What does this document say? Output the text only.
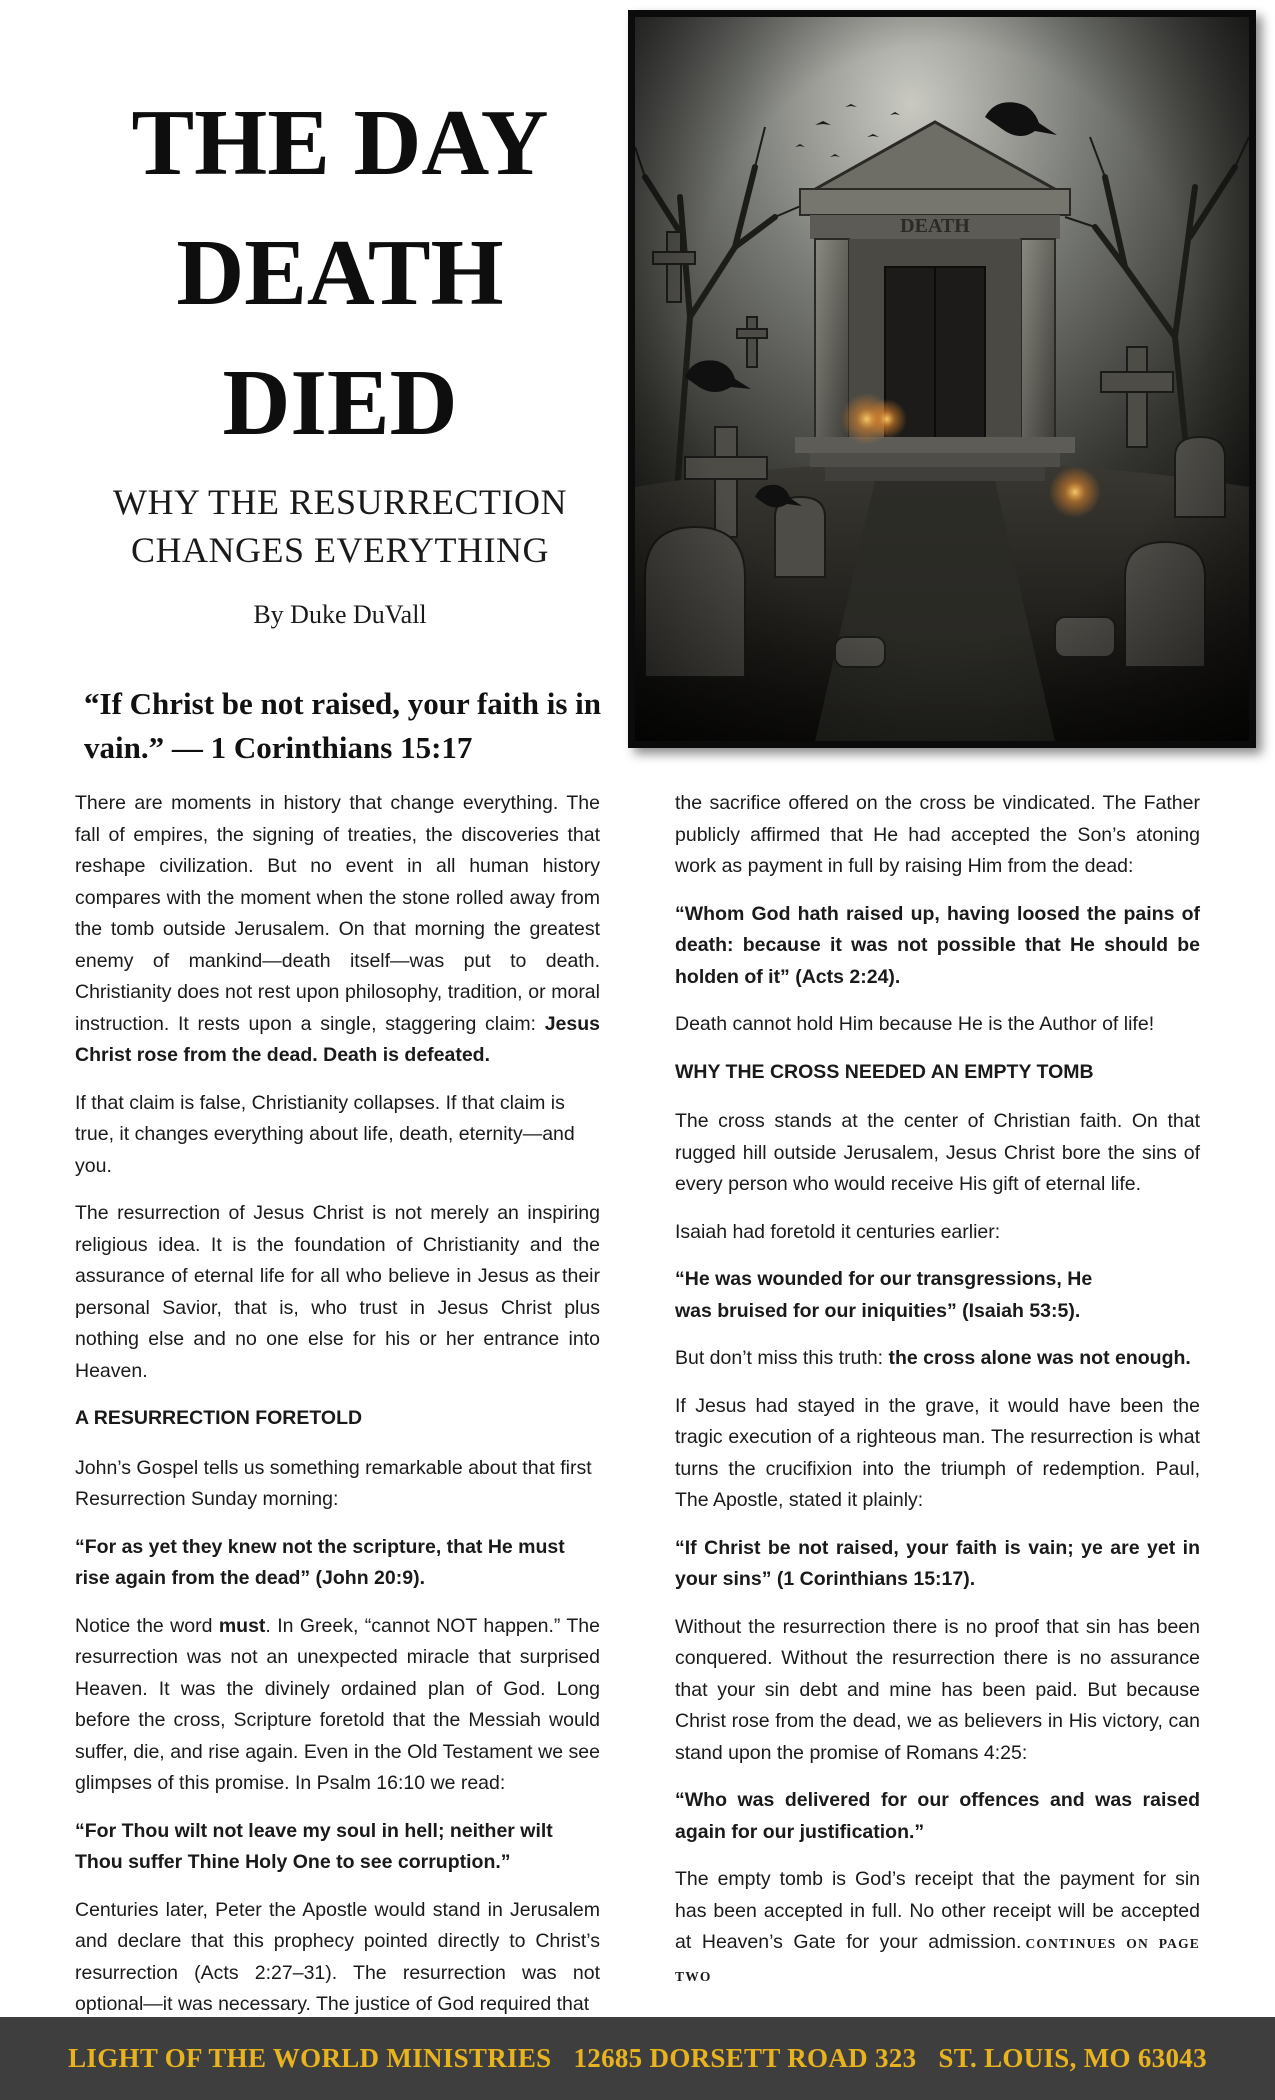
THE DAY
DEATH
DIED
WHY THE RESURRECTION
CHANGES EVERYTHING
By Duke DuVall
“If Christ be not raised, your faith is in vain.” — 1 Corinthians 15:17

There are moments in history that change everything. The fall of empires, the signing of treaties, the discoveries that reshape civilization. But no event in all human history compares with the moment when the stone rolled away from the tomb outside Jerusalem. On that morning the greatest enemy of mankind—death itself—was put to death. Christianity does not rest upon philosophy, tradition, or moral instruction. It rests upon a single, staggering claim: Jesus Christ rose from the dead. Death is defeated.

If that claim is false, Christianity collapses. If that claim is true, it changes everything about life, death, eternity—and you.

The resurrection of Jesus Christ is not merely an inspiring religious idea. It is the foundation of Christianity and the assurance of eternal life for all who believe in Jesus as their personal Savior, that is, who trust in Jesus Christ plus nothing else and no one else for his or her entrance into Heaven.

A RESURRECTION FORETOLD

John’s Gospel tells us something remarkable about that first Resurrection Sunday morning:

“For as yet they knew not the scripture, that He must rise again from the dead” (John 20:9).

Notice the word must. In Greek, “cannot NOT happen.” The resurrection was not an unexpected miracle that surprised Heaven. It was the divinely ordained plan of God. Long before the cross, Scripture foretold that the Messiah would suffer, die, and rise again. Even in the Old Testament we see glimpses of this promise. In Psalm 16:10 we read:

“For Thou wilt not leave my soul in hell; neither wilt Thou suffer Thine Holy One to see corruption.”

Centuries later, Peter the Apostle would stand in Jerusalem and declare that this prophecy pointed directly to Christ’s resurrection (Acts 2:27–31). The resurrection was not optional—it was necessary. The justice of God required that

the sacrifice offered on the cross be vindicated. The Father publicly affirmed that He had accepted the Son’s atoning work as payment in full by raising Him from the dead:

“Whom God hath raised up, having loosed the pains of death: because it was not possible that He should be holden of it” (Acts 2:24).

Death cannot hold Him because He is the Author of life!

WHY THE CROSS NEEDED AN EMPTY TOMB

The cross stands at the center of Christian faith. On that rugged hill outside Jerusalem, Jesus Christ bore the sins of every person who would receive His gift of eternal life.

Isaiah had foretold it centuries earlier:

“He was wounded for our transgressions, He
was bruised for our iniquities” (Isaiah 53:5).

But don’t miss this truth: the cross alone was not enough.

If Jesus had stayed in the grave, it would have been the tragic execution of a righteous man. The resurrection is what turns the crucifixion into the triumph of redemption. Paul, The Apostle, stated it plainly:

“If Christ be not raised, your faith is vain; ye are yet in your sins” (1 Corinthians 15:17).

Without the resurrection there is no proof that sin has been conquered. Without the resurrection there is no assurance that your sin debt and mine has been paid. But because Christ rose from the dead, we as believers in His victory, can stand upon the promise of Romans 4:25:

“Who was delivered for our offences and was raised again for our justification.”

The empty tomb is God’s receipt that the payment for sin has been accepted in full. No other receipt will be accepted at Heaven’s Gate for your admission. CONTINUES ON PAGE TWO

LIGHT OF THE WORLD MINISTRIES 12685 DORSETT ROAD 323 ST. LOUIS, MO 63043
